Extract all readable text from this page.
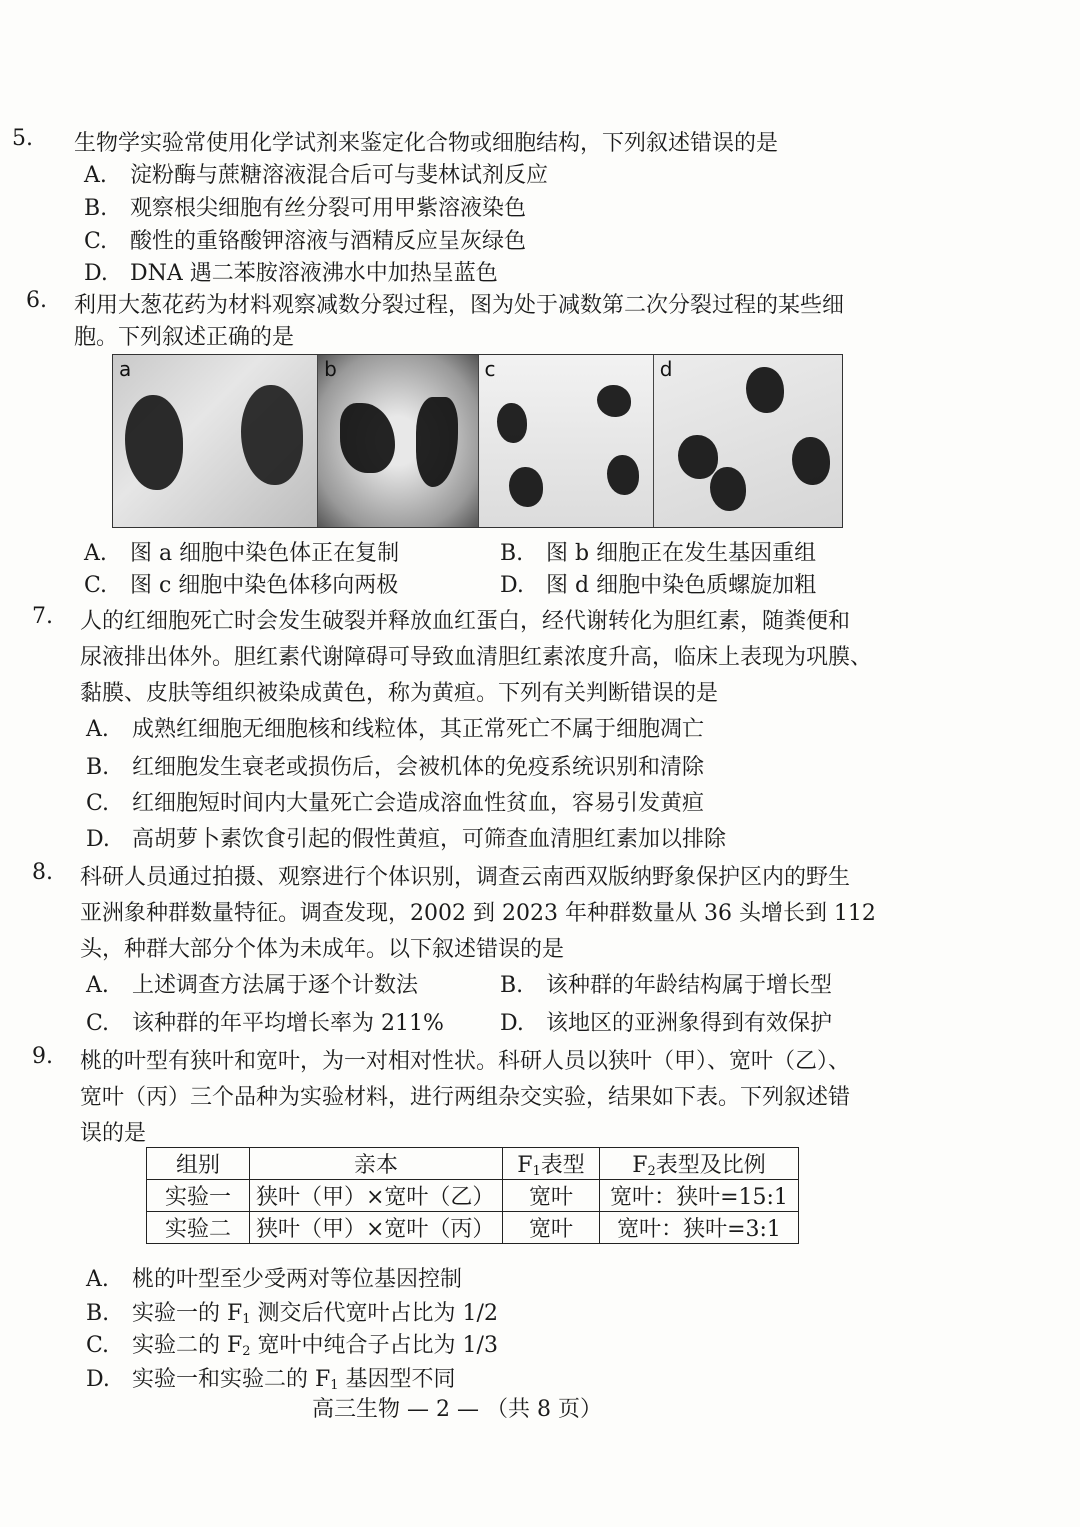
5. 生物学实验常使用化学试剂来鉴定化合物或细胞结构，下列叙述错误的是
A. 淀粉酶与蔗糖溶液混合后可与斐林试剂反应
B. 观察根尖细胞有丝分裂可用甲紫溶液染色
C. 酸性的重铬酸钾溶液与酒精反应呈灰绿色
D. DNA 遇二苯胺溶液沸水中加热呈蓝色
6. 利用大葱花药为材料观察减数分裂过程，图为处于减数第二次分裂过程的某些细
胞。下列叙述正确的是
a	b	c	d
A. 图 a 细胞中染色体正在复制	B. 图 b 细胞正在发生基因重组
C. 图 c 细胞中染色体移向两极	D. 图 d 细胞中染色质螺旋加粗
7. 人的红细胞死亡时会发生破裂并释放血红蛋白，经代谢转化为胆红素，随粪便和
尿液排出体外。胆红素代谢障碍可导致血清胆红素浓度升高，临床上表现为巩膜、
黏膜、皮肤等组织被染成黄色，称为黄疸。下列有关判断错误的是
A. 成熟红细胞无细胞核和线粒体，其正常死亡不属于细胞凋亡
B. 红细胞发生衰老或损伤后，会被机体的免疫系统识别和清除
C. 红细胞短时间内大量死亡会造成溶血性贫血，容易引发黄疸
D. 高胡萝卜素饮食引起的假性黄疸，可筛查血清胆红素加以排除
8. 科研人员通过拍摄、观察进行个体识别，调查云南西双版纳野象保护区内的野生
亚洲象种群数量特征。调查发现，2002 到 2023 年种群数量从 36 头增长到 112
头，种群大部分个体为未成年。以下叙述错误的是
A. 上述调查方法属于逐个计数法	B. 该种群的年龄结构属于增长型
C. 该种群的年平均增长率为 211%	D. 该地区的亚洲象得到有效保护
9. 桃的叶型有狭叶和宽叶，为一对相对性状。科研人员以狭叶（甲）、宽叶（乙）、
宽叶（丙）三个品种为实验材料，进行两组杂交实验，结果如下表。下列叙述错
误的是
组别	亲本	$F_1$表型	$F_2$表型及比例
实验一	狭叶（甲）×宽叶（乙）	宽叶	宽叶：狭叶=15:1
实验二	狭叶（甲）×宽叶（丙）	宽叶	宽叶：狭叶=3:1
A. 桃的叶型至少受两对等位基因控制
B. 实验一的 $F_1$ 测交后代宽叶占比为 1/2
C. 实验二的 $F_2$ 宽叶中纯合子占比为 1/3
D. 实验一和实验二的 $F_1$ 基因型不同
高三生物 — 2 — （共 8 页）
